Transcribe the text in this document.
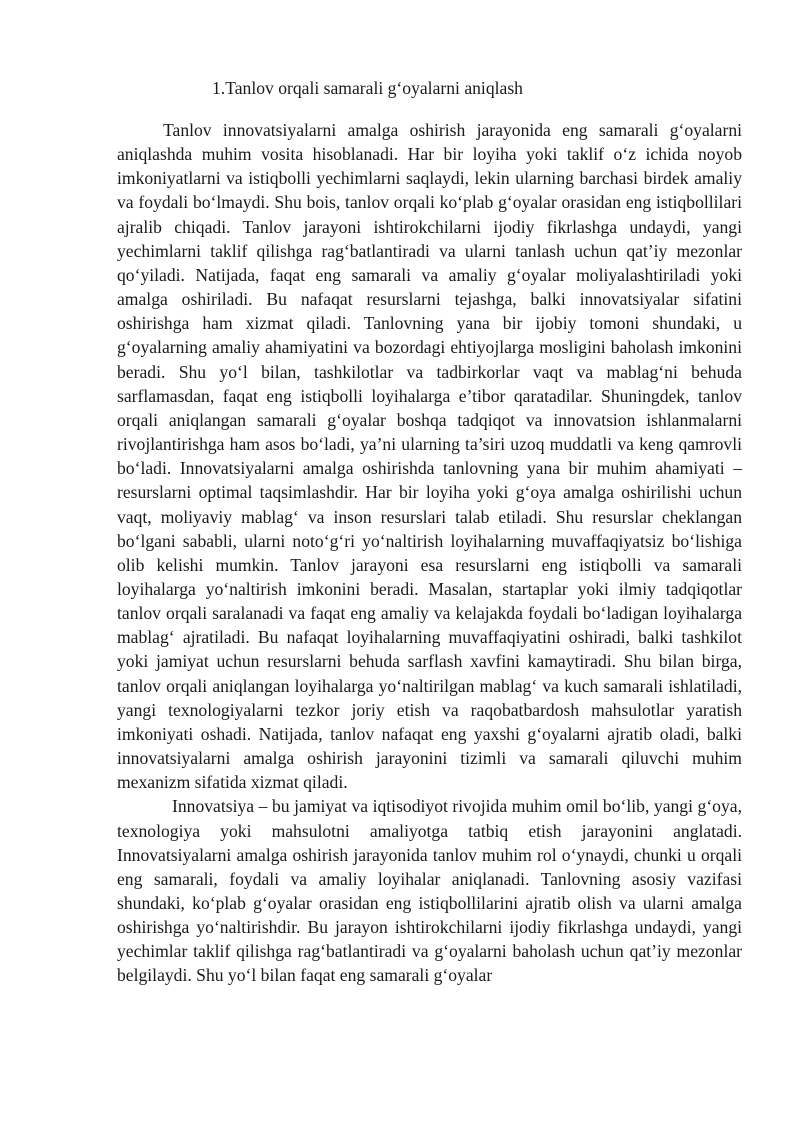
1.Tanlov orqali samarali g‘oyalarni aniqlash

Tanlov innovatsiyalarni amalga oshirish jarayonida eng samarali g‘oyalarni aniqlashda muhim vosita hisoblanadi. Har bir loyiha yoki taklif o‘z ichida noyob imkoniyatlarni va istiqbolli yechimlarni saqlaydi, lekin ularning barchasi birdek amaliy va foydali bo‘lmaydi. Shu bois, tanlov orqali ko‘plab g‘oyalar orasidan eng istiqbollilari ajralib chiqadi. Tanlov jarayoni ishtirokchilarni ijodiy fikrlashga undaydi, yangi yechimlarni taklif qilishga rag‘batlantiradi va ularni tanlash uchun qat’iy mezonlar qo‘yiladi. Natijada, faqat eng samarali va amaliy g‘oyalar moliyalashtiriladi yoki amalga oshiriladi. Bu nafaqat resurslarni tejashga, balki innovatsiyalar sifatini oshirishga ham xizmat qiladi. Tanlovning yana bir ijobiy tomoni shundaki, u g‘oyalarning amaliy ahamiyatini va bozordagi ehtiyojlarga mosligini baholash imkonini beradi. Shu yo‘l bilan, tashkilotlar va tadbirkorlar vaqt va mablag‘ni behuda sarflamasdan, faqat eng istiqbolli loyihalarga e’tibor qaratadilar. Shuningdek, tanlov orqali aniqlangan samarali g‘oyalar boshqa tadqiqot va innovatsion ishlanmalarni rivojlantirishga ham asos bo‘ladi, ya’ni ularning ta’siri uzoq muddatli va keng qamrovli bo‘ladi. Innovatsiyalarni amalga oshirishda tanlovning yana bir muhim ahamiyati – resurslarni optimal taqsimlashdir. Har bir loyiha yoki g‘oya amalga oshirilishi uchun vaqt, moliyaviy mablag‘ va inson resurslari talab etiladi. Shu resurslar cheklangan bo‘lgani sababli, ularni noto‘g‘ri yo‘naltirish loyihalarning muvaffaqiyatsiz bo‘lishiga olib kelishi mumkin. Tanlov jarayoni esa resurslarni eng istiqbolli va samarali loyihalarga yo‘naltirish imkonini beradi. Masalan, startaplar yoki ilmiy tadqiqotlar tanlov orqali saralanadi va faqat eng amaliy va kelajakda foydali bo‘ladigan loyihalarga mablag‘ ajratiladi. Bu nafaqat loyihalarning muvaffaqiyatini oshiradi, balki tashkilot yoki jamiyat uchun resurslarni behuda sarflash xavfini kamaytiradi. Shu bilan birga, tanlov orqali aniqlangan loyihalarga yo‘naltirilgan mablag‘ va kuch samarali ishlatiladi, yangi texnologiyalarni tezkor joriy etish va raqobatbardosh mahsulotlar yaratish imkoniyati oshadi. Natijada, tanlov nafaqat eng yaxshi g‘oyalarni ajratib oladi, balki innovatsiyalarni amalga oshirish jarayonini tizimli va samarali qiluvchi muhim mexanizm sifatida xizmat qiladi.

Innovatsiya – bu jamiyat va iqtisodiyot rivojida muhim omil bo‘lib, yangi g‘oya, texnologiya yoki mahsulotni amaliyotga tatbiq etish jarayonini anglatadi. Innovatsiyalarni amalga oshirish jarayonida tanlov muhim rol o‘ynaydi, chunki u orqali eng samarali, foydali va amaliy loyihalar aniqlanadi. Tanlovning asosiy vazifasi shundaki, ko‘plab g‘oyalar orasidan eng istiqbollilarini ajratib olish va ularni amalga oshirishga yo‘naltirishdir. Bu jarayon ishtirokchilarni ijodiy fikrlashga undaydi, yangi yechimlar taklif qilishga rag‘batlantiradi va g‘oyalarni baholash uchun qat’iy mezonlar belgilaydi. Shu yo‘l bilan faqat eng samarali g‘oyalar
